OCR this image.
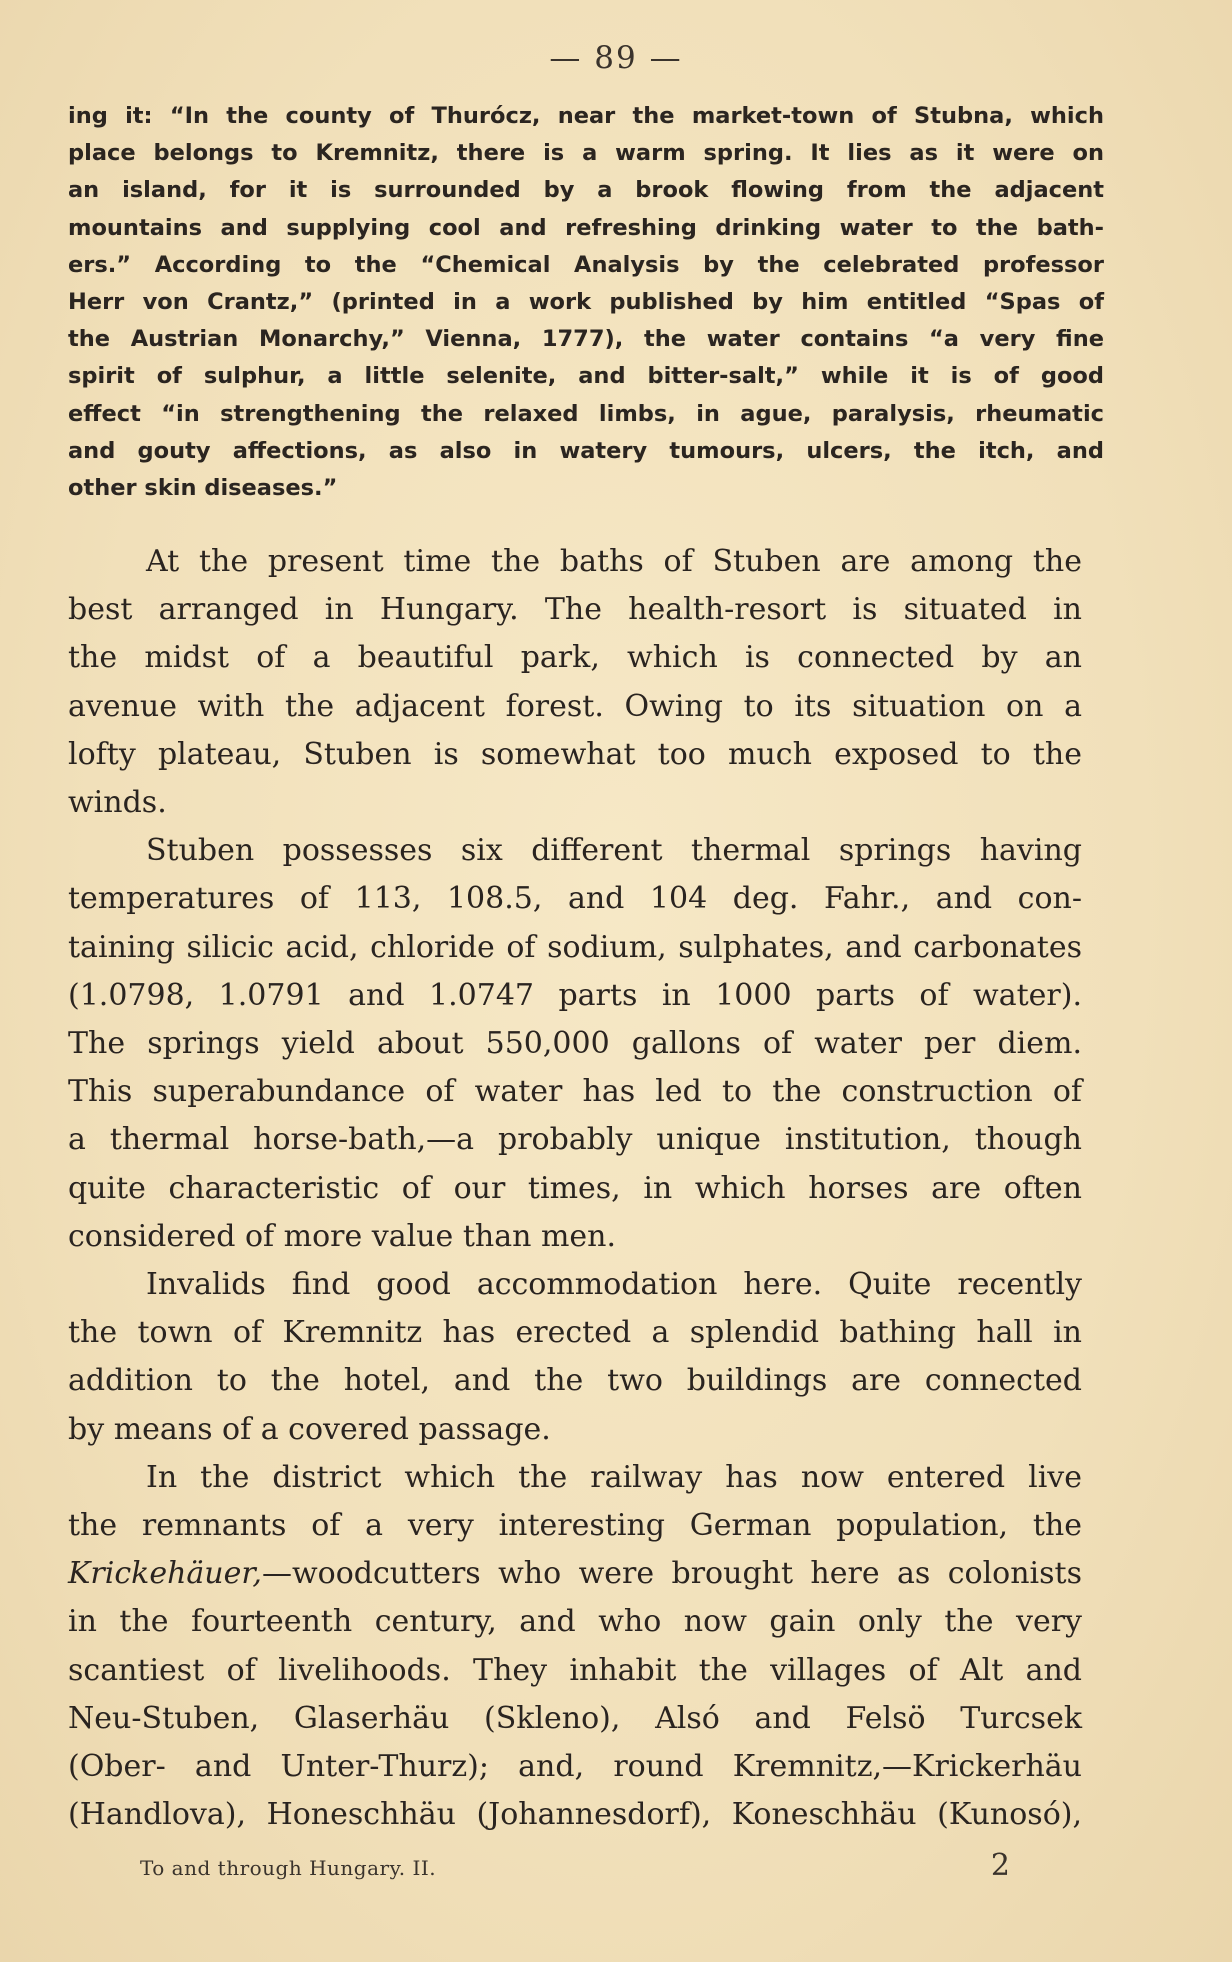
— 89 —
ing it: “In the county of Thurócz, near the market-town of Stubna, which
place belongs to Kremnitz, there is a warm spring. It lies as it were on
an island, for it is surrounded by a brook flowing from the adjacent
mountains and supplying cool and refreshing drinking water to the bath-
ers.” According to the “Chemical Analysis by the celebrated professor
Herr von Crantz,” (printed in a work published by him entitled “Spas of
the Austrian Monarchy,” Vienna, 1777), the water contains “a very fine
spirit of sulphur, a little selenite, and bitter-salt,” while it is of good
effect “in strengthening the relaxed limbs, in ague, paralysis, rheumatic
and gouty affections, as also in watery tumours, ulcers, the itch, and
other skin diseases.”
At the present time the baths of Stuben are among the
best arranged in Hungary. The health-resort is situated in
the midst of a beautiful park, which is connected by an
avenue with the adjacent forest. Owing to its situation on a
lofty plateau, Stuben is somewhat too much exposed to the
winds.
Stuben possesses six different thermal springs having
temperatures of 113, 108.5, and 104 deg. Fahr., and con-
taining silicic acid, chloride of sodium, sulphates, and carbonates
(1.0798, 1.0791 and 1.0747 parts in 1000 parts of water).
The springs yield about 550,000 gallons of water per diem.
This superabundance of water has led to the construction of
a thermal horse-bath,—a probably unique institution, though
quite characteristic of our times, in which horses are often
considered of more value than men.
Invalids find good accommodation here. Quite recently
the town of Kremnitz has erected a splendid bathing hall in
addition to the hotel, and the two buildings are connected
by means of a covered passage.
In the district which the railway has now entered live
the remnants of a very interesting German population, the
Krickehäuer,—woodcutters who were brought here as colonists
in the fourteenth century, and who now gain only the very
scantiest of livelihoods. They inhabit the villages of Alt and
Neu-Stuben, Glaserhäu (Skleno), Alsó and Felsö Turcsek
(Ober- and Unter-Thurz); and, round Kremnitz,—Krickerhäu
(Handlova), Honeschhäu (Johannesdorf), Koneschhäu (Kunosó),
To and through Hungary. II.	2
